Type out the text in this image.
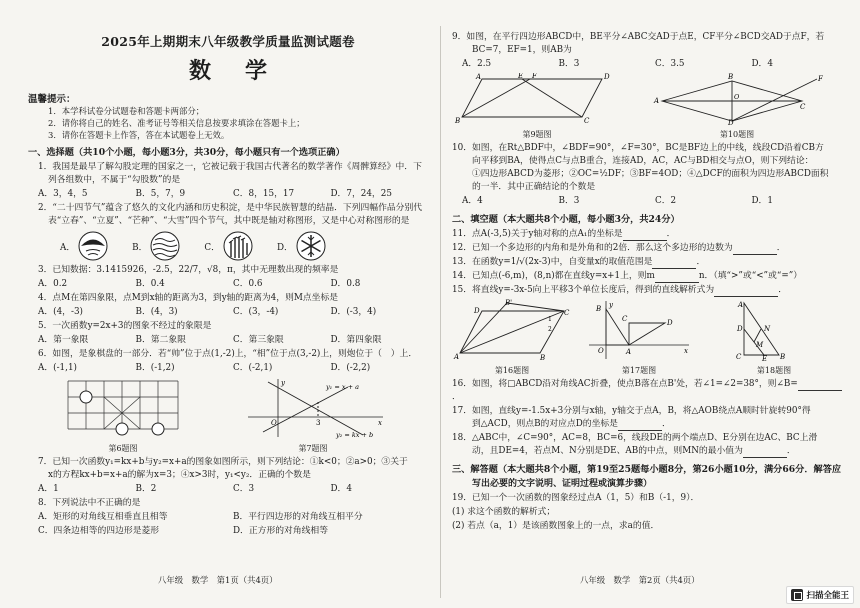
2025年上期期末八年级教学质量监测试题卷
数学
温馨提示：
1．本学科试卷分试题卷和答题卡两部分；
2．请你将自己的姓名、准考证号等相关信息按要求填涂在答题卡上；
3．请你在答题卡上作答，答在本试题卷上无效。
一、选择题（共10个小题，每小题3分，共30分，每小题只有一个选项正确）
1．我国是最早了解勾股定理的国家之一，它被记载于我国古代著名的数学著作《周髀算经》中．下
列各组数中，不属于“勾股数”的是
A．3，4，5	B．5，7，9	C．8，15，17	D．7，24，25
2．“二十四节气”蕴含了悠久的文化内涵和历史积淀，是中华民族智慧的结晶．下列四幅作品分别代
表“立春”、“立夏”、“芒种”、“大雪”四个节气，其中既是轴对称图形，又是中心对称图形的是
A．	B．	C．	D．
3．已知数据：3.1415926，-2.5，22/7，√8，π，其中无理数出现的频率是
A．0.2	B．0.4	C．0.6	D．0.8
4．点M在第四象限，点M到x轴的距离为3，到y轴的距离为4，则M点坐标是
A．(4，-3)	B．(4，3)	C．(3，-4)	D．(-3，4)
5．一次函数y=2x+3的图象不经过的象限是
A．第一象限	B．第二象限	C．第三象限	D．第四象限
6．如图，是象棋盘的一部分．若“帅”位于点(1,-2)上，“相”位于点(3,-2)上，则炮位于（　）上．
A．(-1,1)	B．(-1,2)	C．(-2,1)	D．(-2,2)
第6题图
O	x
y
3
y₁ = x + a
y₂ = kx + b
第7题图
7．已知一次函数y₁=kx+b与y₂=x+a的图象如图所示，则下列结论：①k<0；②a>0；③关于
x的方程kx+b=x+a的解为x=3；④x>3时，y₁<y₂．正确的个数是
A．1	B．2	C．3	D．4
8．下列说法中不正确的是
A．矩形的对角线互相垂直且相等	B．平行四边形的对角线互相平分
C．四条边相等的四边形是菱形	D．正方形的对角线相等
八年级　数学　第1页（共4页）
9．如图，在平行四边形ABCD中，BE平分∠ABC交AD于点E，CF平分∠BCD交AD于点F，若
BC=7，EF=1，则AB为
A．2.5	B．3	C．3.5	D．4
A	E F	D
B	C
第9题图
A
B
C
D
F
O
第10题图
10．如图，在Rt△BDF中，∠BDF=90°，∠F=30°，BC是BF边上的中线，线段CD沿着CB方
向平移到BA，使得点C与点B重合，连接AD，AC，AC与BD相交与点O，则下列结论：
①四边形ABCD为菱形；②OC=½DF；③BF=4OD；④△DCF的面积为四边形ABCD面积
的一半．其中正确结论的个数是
A．4	B．3	C．2	D．1
二、填空题（本大题共8个小题，每小题3分，共24分）
11．点A(-3,5)关于y轴对称的点A₁的坐标是	．
12．已知一个多边形的内角和是外角和的2倍．那么这个多边形的边数为	．
13．在函数y=1/√(2x-3)中，自变量x的取值范围是	．
14．已知点(-6,m)，(8,n)都在直线y=x+1上，则m	n．（填“>”或“<”或“=”）
15．将直线y=-3x-5向上平移3个单位长度后，得到的直线解析式为	．
A
D	C
B
B'
1
2
第16题图
B
O	A
C	D
x
y
第17题图
A
C	B
N
M
D
E
第18题图
16．如图，将□ABCD沿对角线AC折叠，使点B落在点B'处，若∠1=∠2=38°，则∠B=．
17．如图，直线y=-1.5x+3分别与x轴，y轴交于点A，B，将△AOB绕点A顺时针旋转90°得
到△ACD，则点B的对应点D的坐标是	．
18．△ABC中，∠C=90°，AC=8，BC=6，线段DE的两个端点D、E分别在边AC、BC上滑
动，且DE=4，若点M、N分别是DE、AB的中点，则MN的最小值为	．
三、解答题（本大题共8个小题，第19至25题每小题8分，第26小题10分，满分66分．解答应
写出必要的文字说明、证明过程或演算步骤）
19．已知一个一次函数的图象经过点A（1，5）和B（-1，9）．
(1) 求这个函数的解析式；
(2) 若点（a，1）是该函数图象上的一点，求a的值．
八年级　数学　第2页（共4页）
扫描全能王
